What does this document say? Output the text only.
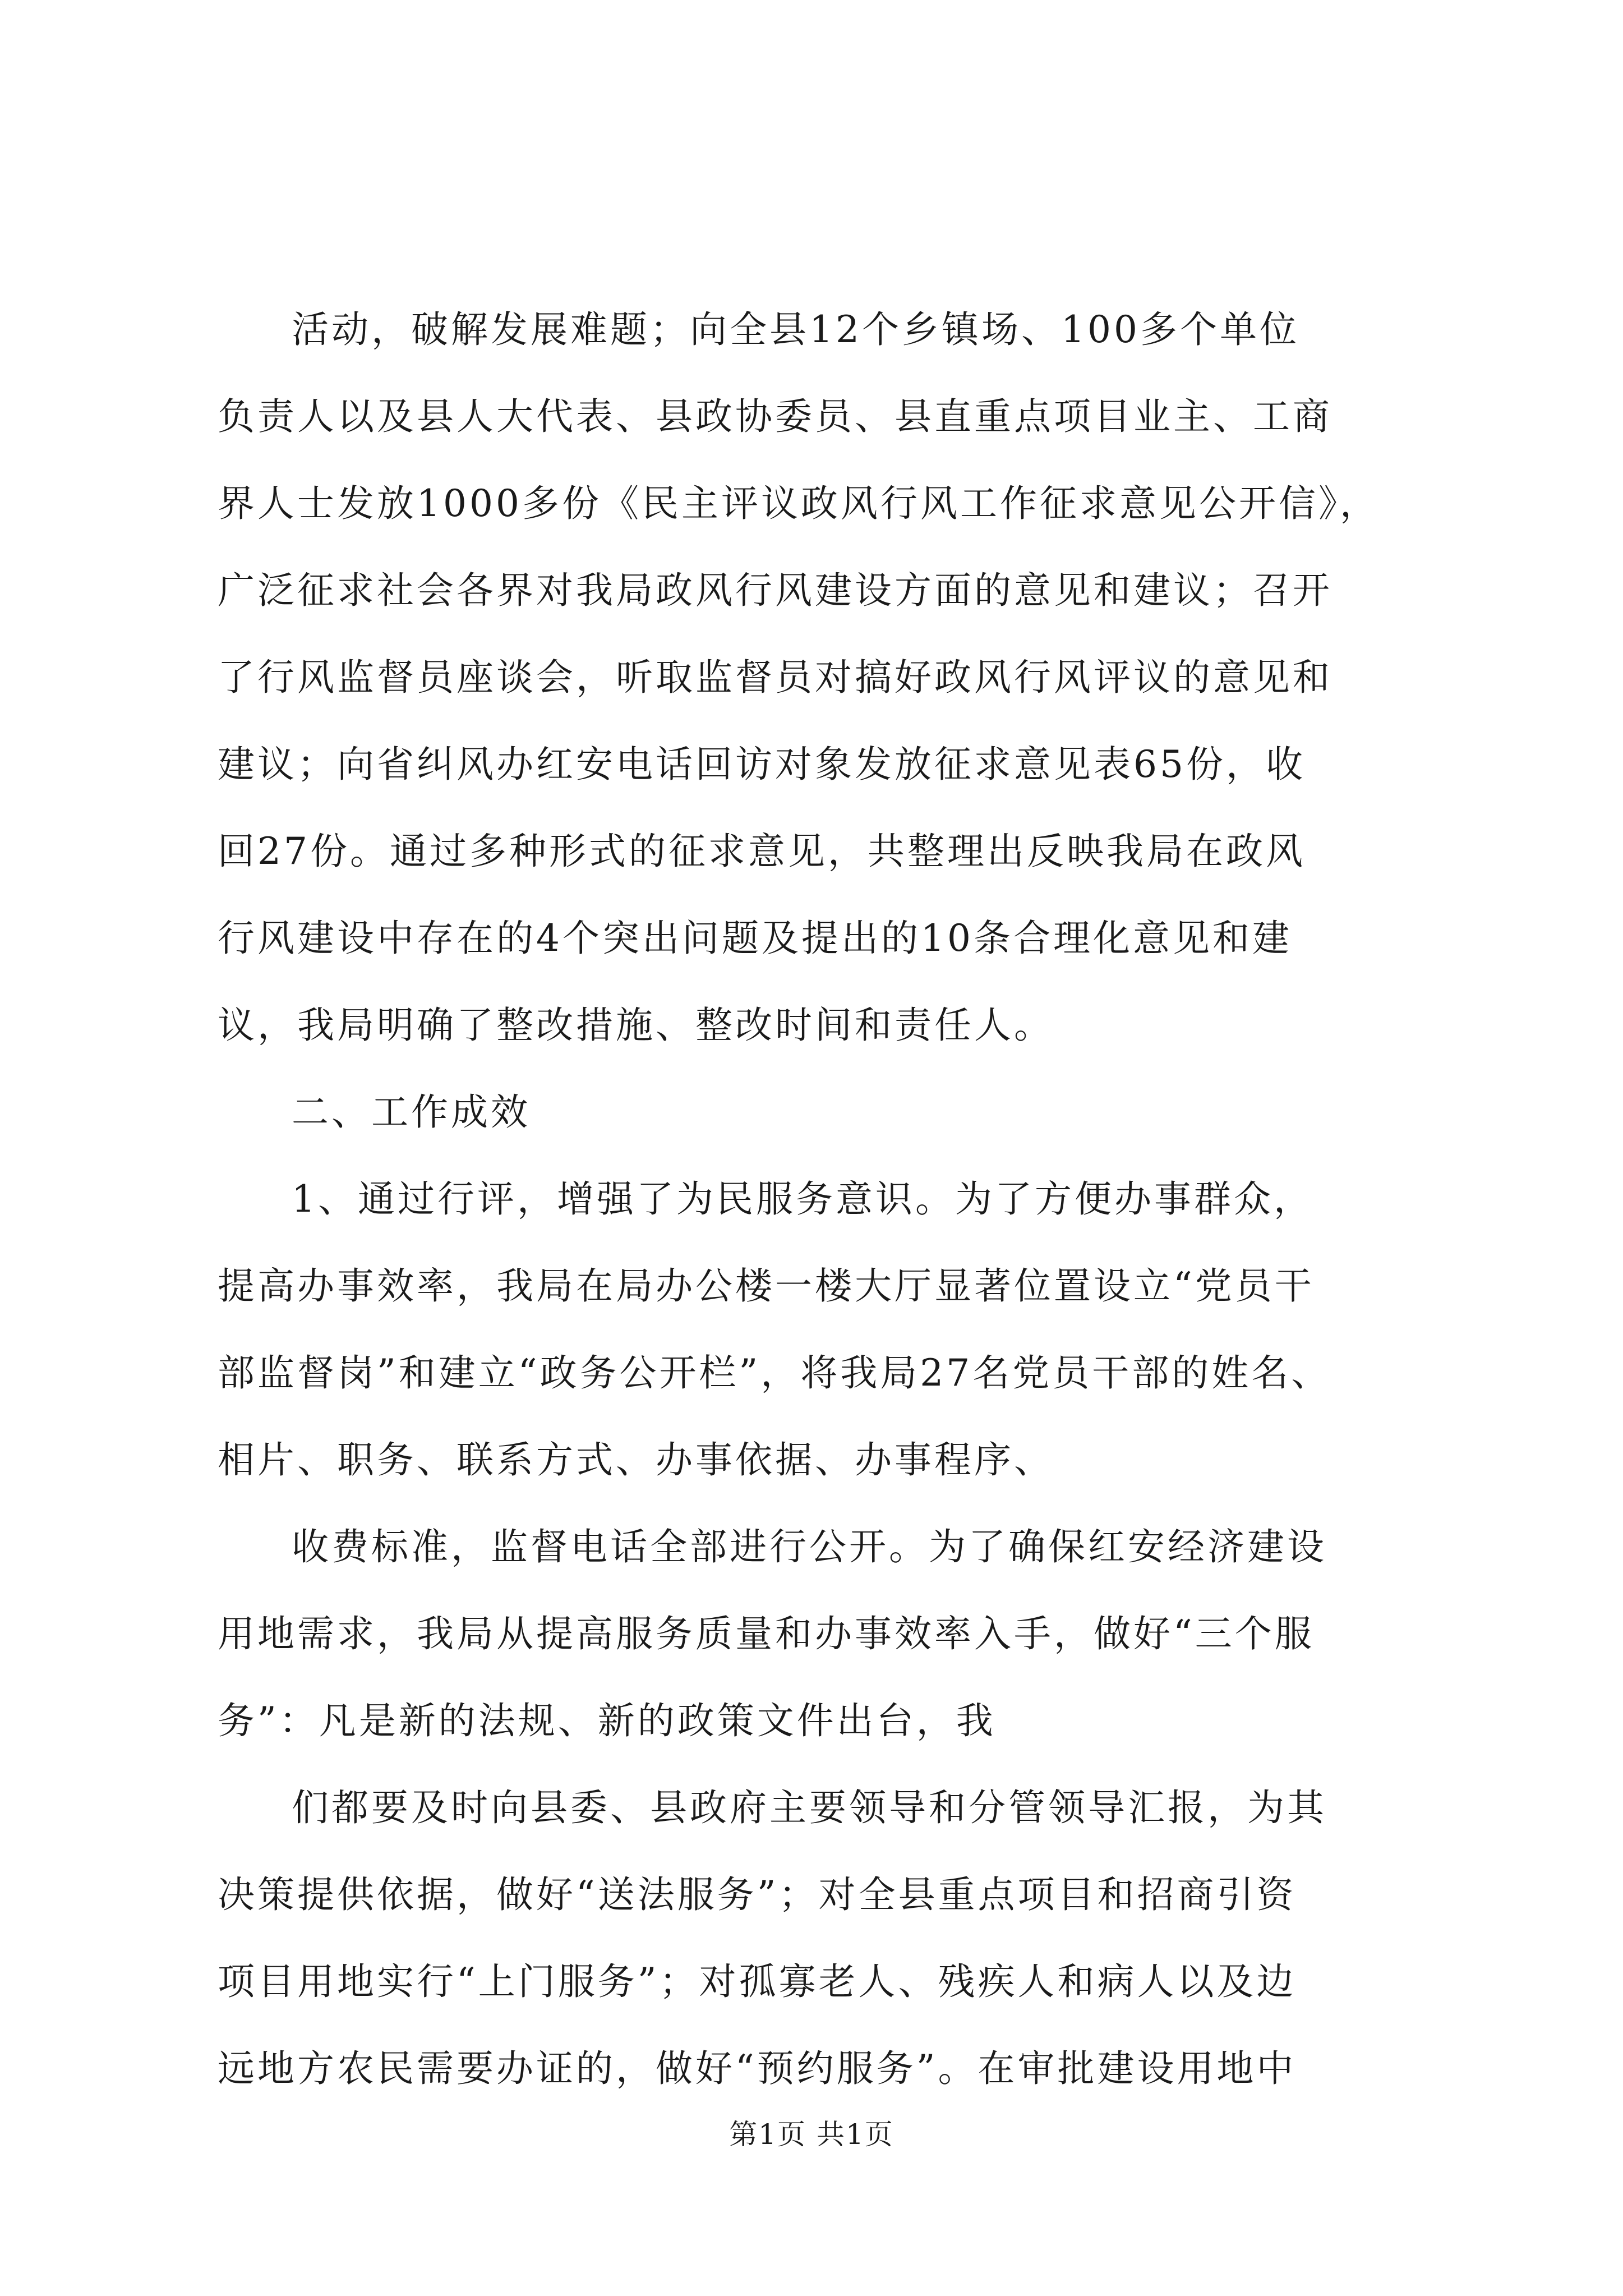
活动，破解发展难题；向全县12个乡镇场、100多个单位
负责人以及县人大代表、县政协委员、县直重点项目业主、工商
界人士发放1000多份《民主评议政风行风工作征求意见公开信》，
广泛征求社会各界对我局政风行风建设方面的意见和建议；召开
了行风监督员座谈会，听取监督员对搞好政风行风评议的意见和
建议；向省纠风办红安电话回访对象发放征求意见表65份，收
回27份。通过多种形式的征求意见，共整理出反映我局在政风
行风建设中存在的4个突出问题及提出的10条合理化意见和建
议，我局明确了整改措施、整改时间和责任人。
二、工作成效
1、通过行评，增强了为民服务意识。为了方便办事群众，
提高办事效率，我局在局办公楼一楼大厅显著位置设立“党员干
部监督岗”和建立“政务公开栏”，将我局27名党员干部的姓名、
相片、职务、联系方式、办事依据、办事程序、
收费标准，监督电话全部进行公开。为了确保红安经济建设
用地需求，我局从提高服务质量和办事效率入手，做好“三个服
务”：凡是新的法规、新的政策文件出台，我
们都要及时向县委、县政府主要领导和分管领导汇报，为其
决策提供依据，做好“送法服务”；对全县重点项目和招商引资
项目用地实行“上门服务”；对孤寡老人、残疾人和病人以及边
远地方农民需要办证的，做好“预约服务”。在审批建设用地中
第1页 共1页
